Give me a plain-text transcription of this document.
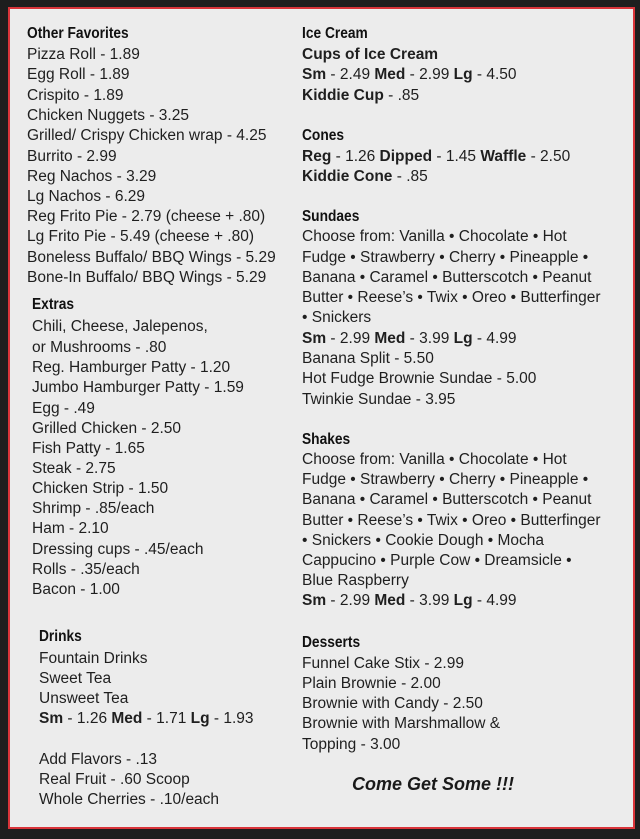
Other Favorites
Pizza Roll - 1.89
Egg Roll - 1.89
Crispito - 1.89
Chicken Nuggets - 3.25
Grilled/ Crispy Chicken wrap - 4.25
Burrito - 2.99
Reg Nachos - 3.29
Lg Nachos - 6.29
Reg Frito Pie - 2.79 (cheese + .80)
Lg Frito Pie - 5.49 (cheese + .80)
Boneless Buffalo/ BBQ Wings - 5.29
Bone-In Buffalo/ BBQ Wings - 5.29
Extras
Chili, Cheese, Jalepenos,
or Mushrooms - .80
Reg. Hamburger Patty - 1.20
Jumbo Hamburger Patty - 1.59
Egg - .49
Grilled Chicken - 2.50
Fish Patty - 1.65
Steak - 2.75
Chicken Strip - 1.50
Shrimp - .85/each
Ham - 2.10
Dressing cups - .45/each
Rolls - .35/each
Bacon - 1.00
Drinks
Fountain Drinks
Sweet Tea
Unsweet Tea
Sm - 1.26 Med - 1.71 Lg - 1.93
Add Flavors - .13
Real Fruit - .60 Scoop
Whole Cherries - .10/each
Ice Cream
Cups of Ice Cream
Sm - 2.49 Med - 2.99 Lg - 4.50
Kiddie Cup - .85
Cones
Reg - 1.26 Dipped - 1.45 Waffle - 2.50
Kiddie Cone - .85
Sundaes
Choose from: Vanilla • Chocolate • Hot
Fudge • Strawberry • Cherry • Pineapple •
Banana • Caramel • Butterscotch • Peanut
Butter • Reese’s • Twix • Oreo • Butterfinger
• Snickers
Sm - 2.99 Med - 3.99 Lg - 4.99
Banana Split - 5.50
Hot Fudge Brownie Sundae - 5.00
Twinkie Sundae - 3.95
Shakes
Choose from: Vanilla • Chocolate • Hot
Fudge • Strawberry • Cherry • Pineapple •
Banana • Caramel • Butterscotch • Peanut
Butter • Reese’s • Twix • Oreo • Butterfinger
• Snickers • Cookie Dough • Mocha
Cappucino • Purple Cow • Dreamsicle •
Blue Raspberry
Sm - 2.99 Med - 3.99 Lg - 4.99
Desserts
Funnel Cake Stix - 2.99
Plain Brownie - 2.00
Brownie with Candy - 2.50
Brownie with Marshmallow &
Topping - 3.00
Come Get Some !!!
